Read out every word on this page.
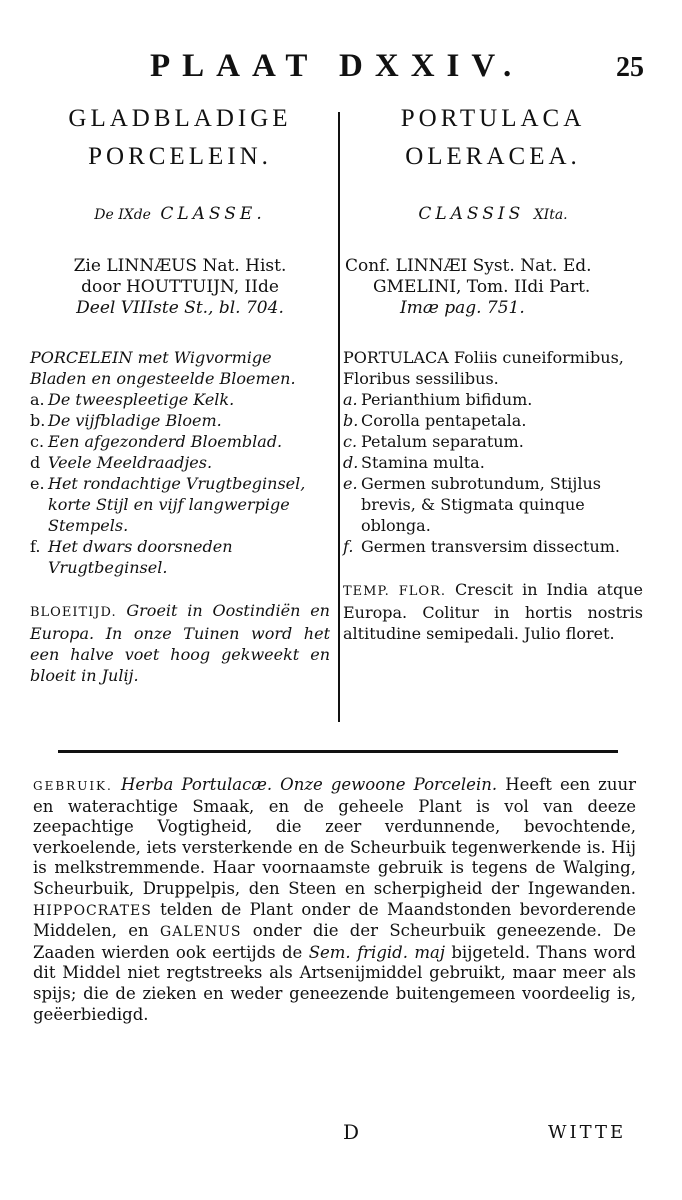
PLAAT DXXIV.	25
GLADBLADIGE
PORCELEIN.
De IXde CLASSE.
Zie LINNÆUS Nat. Hist.
door HOUTTUIJN, IIde
Deel VIIIste St., bl. 704.
PORCELEIN met Wigvormige Bladen en ongesteelde Bloemen.
a. De tweespleetige Kelk.
b. De vijfbladige Bloem.
c. Een afgezonderd Bloemblad.
d Veele Meeldraadjes.
e. Het rondachtige Vrugtbeginsel, korte Stijl en vijf langwerpige Stempels.
f. Het dwars doorsneden Vrugtbeginsel.
BLOEITIJD. Groeit in Oostindiën en Europa. In onze Tuinen word het een halve voet hoog gekweekt en bloeit in Julij.
PORTULACA
OLERACEA.
CLASSIS XIta.
Conf. LINNÆI Syst. Nat. Ed.
GMELINI, Tom. IIdi Part.
Imæ pag. 751.
PORTULACA Foliis cuneiformibus, Floribus sessilibus.
a. Perianthium bifidum.
b. Corolla pentapetala.
c. Petalum separatum.
d. Stamina multa.
e. Germen subrotundum, Stijlus brevis, & Stigmata quinque oblonga.
f. Germen transversim dissectum.
TEMP. FLOR. Crescit in India atque Europa. Colitur in hortis nostris altitudine semipedali. Julio floret.
GEBRUIK. Herba Portulacæ. Onze gewoone Porcelein. Heeft een zuur en waterachtige Smaak, en de geheele Plant is vol van deeze zeepachtige Vogtigheid, die zeer verdunnende, bevochtende, verkoelende, iets versterkende en de Scheurbuik tegenwerkende is. Hij is melkstremmende. Haar voornaamste gebruik is tegens de Walging, Scheurbuik, Druppelpis, den Steen en scherpigheid der Ingewanden. HIPPOCRATES telden de Plant onder de Maandstonden bevorderende Middelen, en GALENUS onder die der Scheurbuik geneezende. De Zaaden wierden ook eertijds de Sem. frigid. maj bijgeteld. Thans word dit Middel niet regtstreeks als Artsenijmiddel gebruikt, maar meer als spijs; die de zieken en weder geneezende buitengemeen voordeelig is, geëerbiedigd.
D	WITTE
